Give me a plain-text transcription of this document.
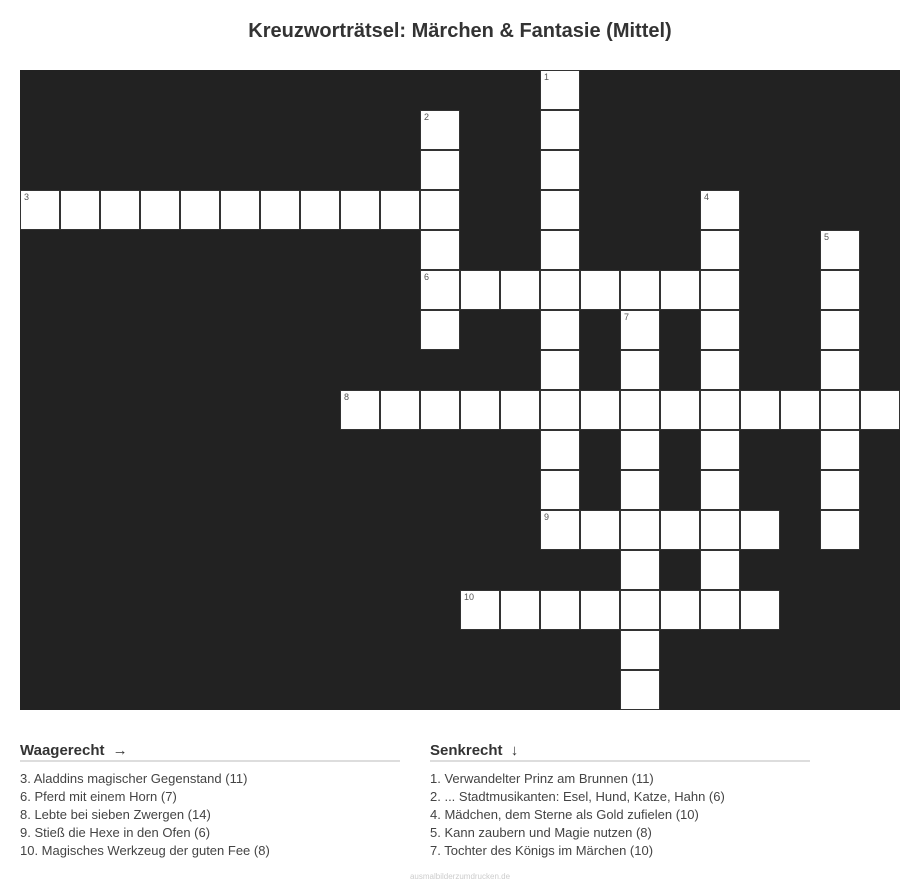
Kreuzworträtsel: Märchen & Fantasie (Mittel)
1
2
6
3	4
5
7
8
9
10
Waagerecht →
3. Aladdins magischer Gegenstand (11)
6. Pferd mit einem Horn (7)
8. Lebte bei sieben Zwergen (14)
9. Stieß die Hexe in den Ofen (6)
10. Magisches Werkzeug der guten Fee (8)
Senkrecht ↓
1. Verwandelter Prinz am Brunnen (11)
2. ... Stadtmusikanten: Esel, Hund, Katze, Hahn (6)
4. Mädchen, dem Sterne als Gold zufielen (10)
5. Kann zaubern und Magie nutzen (8)
7. Tochter des Königs im Märchen (10)
ausmalbilderzumdrucken.de
